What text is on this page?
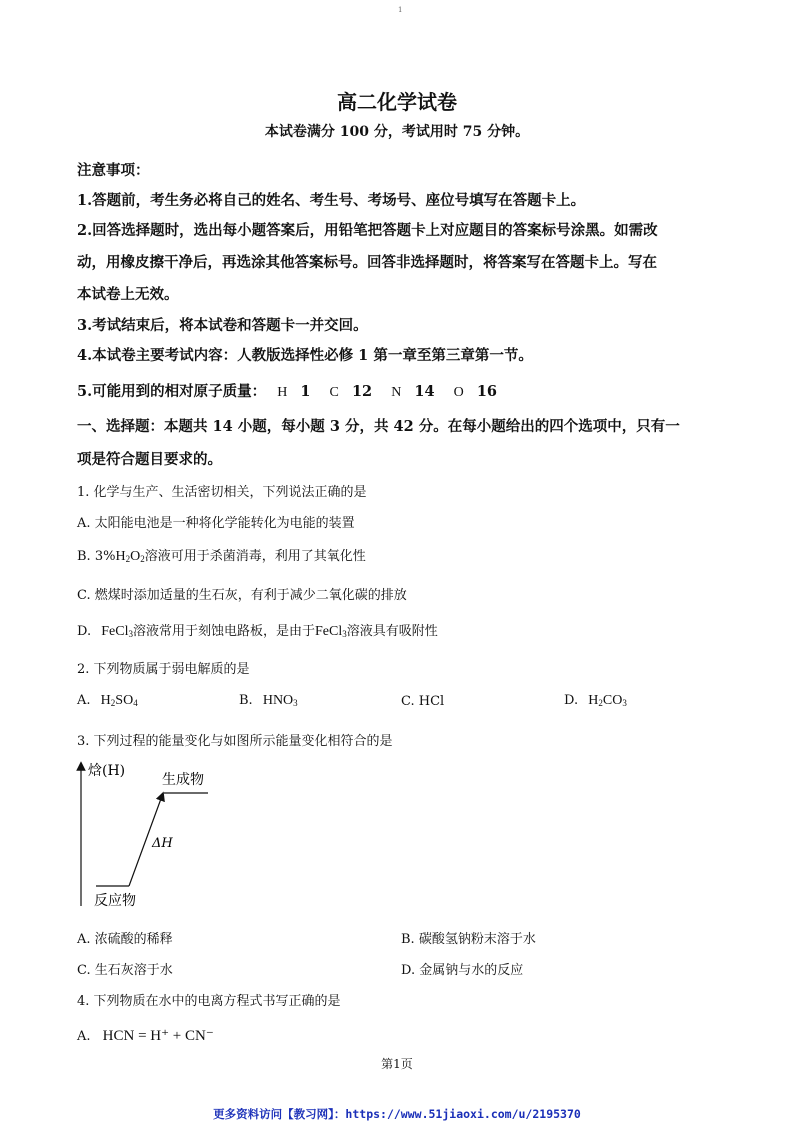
1
高二化学试卷
本试卷满分 100 分，考试用时 75 分钟。
注意事项：
1.答题前，考生务必将自己的姓名、考生号、考场号、座位号填写在答题卡上。
2.回答选择题时，选出每小题答案后，用铅笔把答题卡上对应题目的答案标号涂黑。如需改
动，用橡皮擦干净后，再选涂其他答案标号。回答非选择题时，将答案写在答题卡上。写在
本试卷上无效。
3.考试结束后，将本试卷和答题卡一并交回。
4.本试卷主要考试内容：人教版选择性必修 1 第一章至第三章第一节。
5.可能用到的相对原子质量： H 1 C 12 N 14 O 16
一、选择题：本题共 14 小题，每小题 3 分，共 42 分。在每小题给出的四个选项中，只有一
项是符合题目要求的。
1. 化学与生产、生活密切相关，下列说法正确的是
A. 太阳能电池是一种将化学能转化为电能的装置
B. $3\%H_2O_2$溶液可用于杀菌消毒，利用了其氧化性
C. 燃煤时添加适量的生石灰，有利于减少二氧化碳的排放
D. FeCl$_3$溶液常用于刻蚀电路板，是由于FeCl$_3$溶液具有吸附性
2. 下列物质属于弱电解质的是
A. $H_2SO_4$	B. $HNO_3$	C. HCl	D. $H_2CO_3$
3. 下列过程的能量变化与如图所示能量变化相符合的是
焓(H)
生成物
ΔH
反应物
A. 浓硫酸的稀释	B. 碳酸氢钠粉末溶于水
C. 生石灰溶于水	D. 金属钠与水的反应
4. 下列物质在水中的电离方程式书写正确的是
A. HCN = H⁺ + CN⁻
第1页
更多资料访问【教习网】：https://www.51jiaoxi.com/u/2195370
